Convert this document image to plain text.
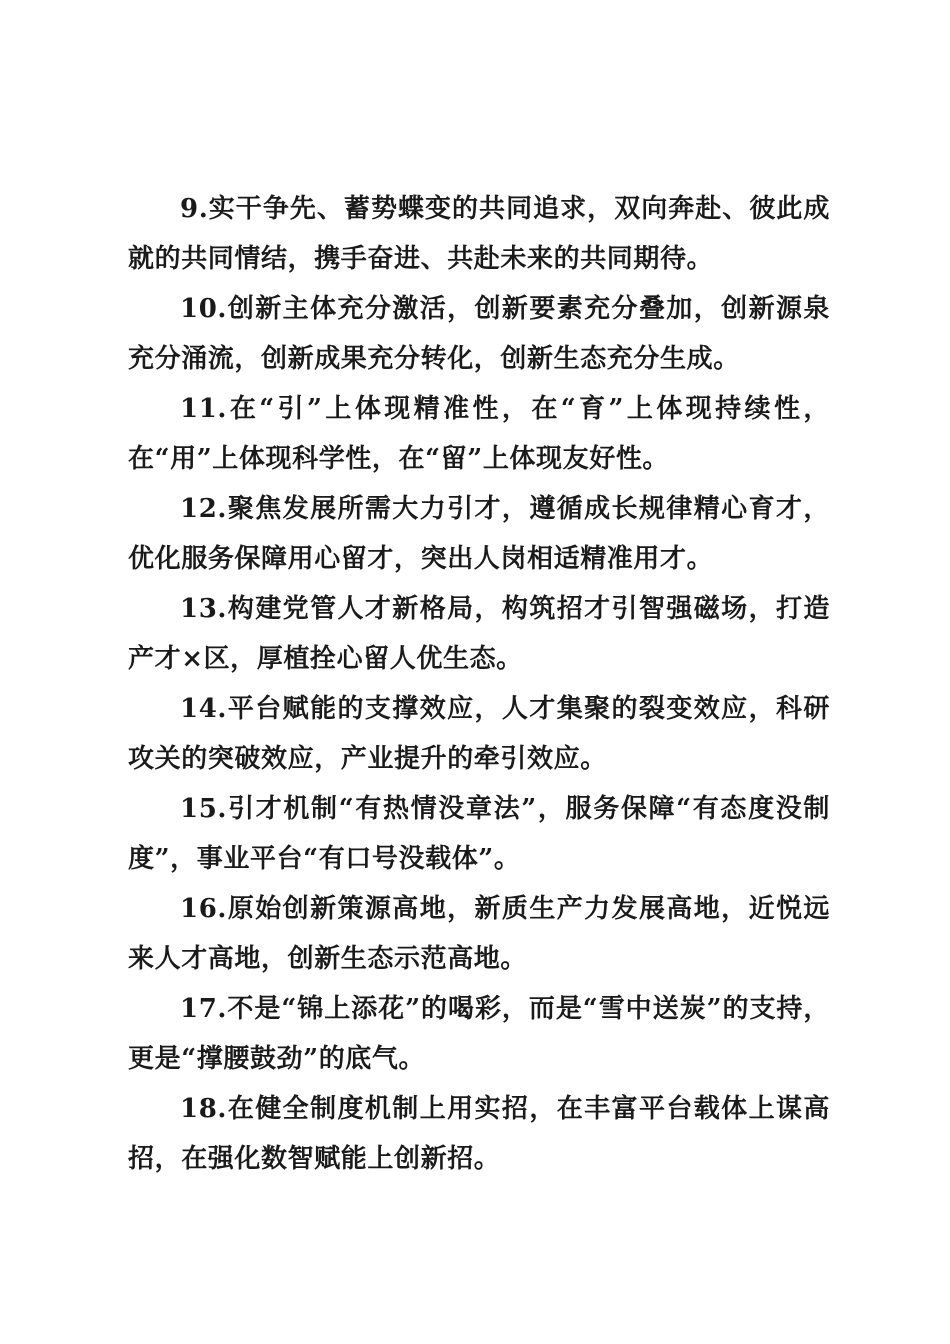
9.实干争先、蓄势蝶变的共同追求，双向奔赴、彼此成就的共同情结，携手奋进、共赴未来的共同期待。

10.创新主体充分激活，创新要素充分叠加，创新源泉充分涌流，创新成果充分转化，创新生态充分生成。

11.在“引”上体现精准性，在“育”上体现持续性，在“用”上体现科学性，在“留”上体现友好性。

12.聚焦发展所需大力引才，遵循成长规律精心育才，优化服务保障用心留才，突出人岗相适精准用才。

13.构建党管人才新格局，构筑招才引智强磁场，打造产才×区，厚植拴心留人优生态。

14.平台赋能的支撑效应，人才集聚的裂变效应，科研攻关的突破效应，产业提升的牵引效应。

15.引才机制“有热情没章法”，服务保障“有态度没制度”，事业平台“有口号没载体”。

16.原始创新策源高地，新质生产力发展高地，近悦远来人才高地，创新生态示范高地。

17.不是“锦上添花”的喝彩，而是“雪中送炭”的支持，更是“撑腰鼓劲”的底气。

18.在健全制度机制上用实招，在丰富平台载体上谋高招，在强化数智赋能上创新招。
